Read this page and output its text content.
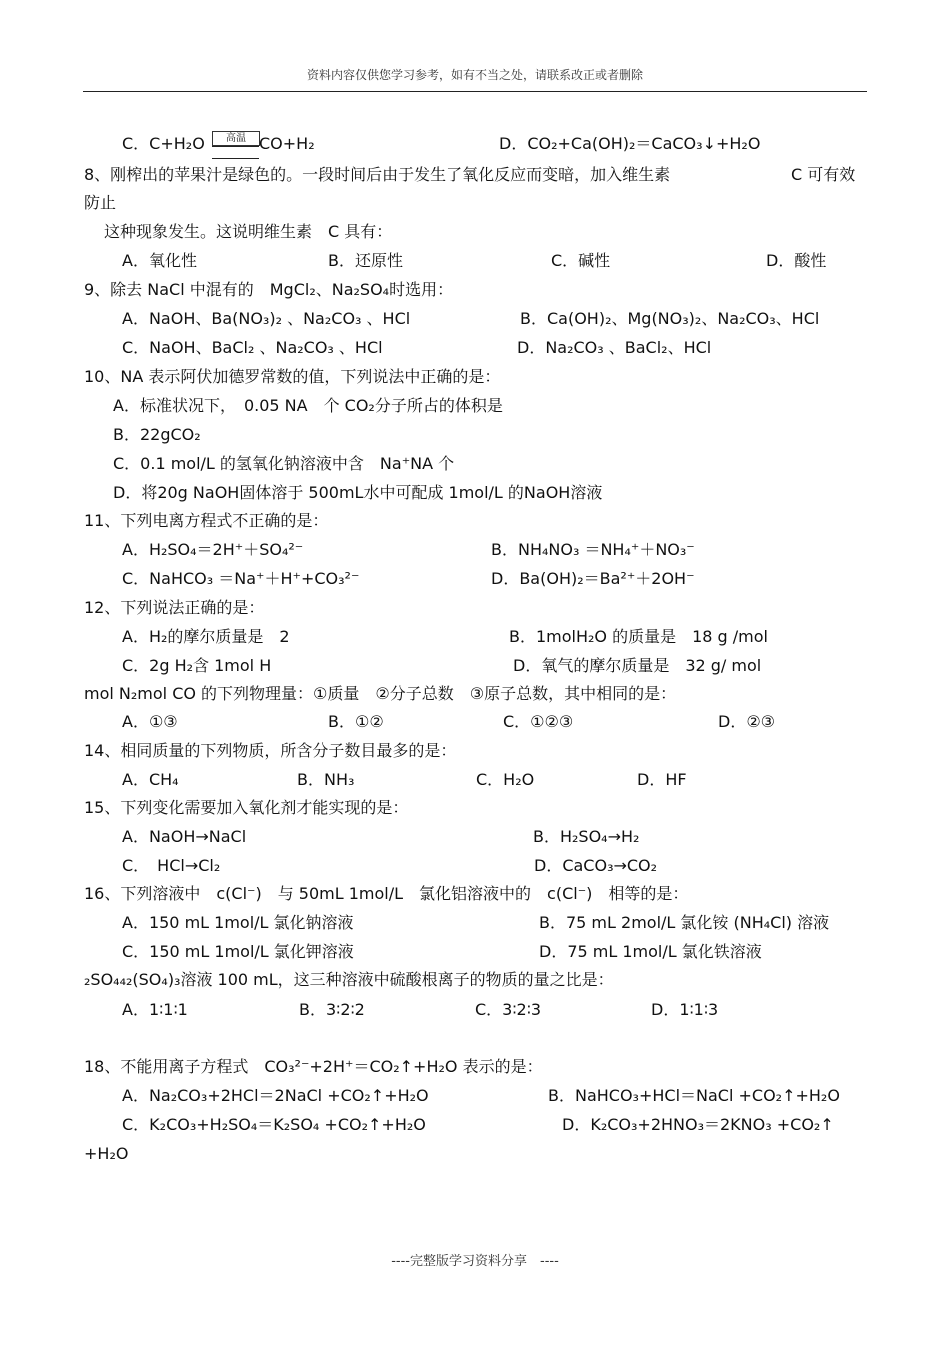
资料内容仅供您学习参考，如有不当之处，请联系改正或者删除
高温
C．C+H₂O	CO+H₂	D．CO₂+Ca(OH)₂＝CaCO₃↓+H₂O
8、刚榨出的苹果汁是绿色的。一段时间后由于发生了氧化反应而变暗，加入维生素	C 可有效
防止
这种现象发生。这说明维生素　C 具有：
A．氧化性	B．还原性	C．碱性	D．酸性
9、除去 NaCl 中混有的　MgCl₂、Na₂SO₄时选用：
A．NaOH、Ba(NO₃)₂ 、Na₂CO₃ 、HCl	B．Ca(OH)₂、Mg(NO₃)₂、Na₂CO₃、HCl
C．NaOH、BaCl₂ 、Na₂CO₃ 、HCl	D．Na₂CO₃ 、BaCl₂、HCl
10、NA 表示阿伏加德罗常数的值，下列说法中正确的是：
A．标准状况下，　0.05 NA　个 CO₂分子所占的体积是
B．22gCO₂
C．0.1 mol/L 的氢氧化钠溶液中含　Na⁺NA 个
D．将20g NaOH固体溶于 500mL水中可配成 1mol/L 的NaOH溶液
11、下列电离方程式不正确的是：
A．H₂SO₄＝2H⁺＋SO₄²⁻	B．NH₄NO₃ ＝NH₄⁺＋NO₃⁻
C．NaHCO₃ ＝Na⁺＋H⁺+CO₃²⁻	D．Ba(OH)₂＝Ba²⁺＋2OH⁻
12、下列说法正确的是：
A．H₂的摩尔质量是　2	B．1molH₂O 的质量是　18 g /mol
C．2g H₂含 1mol H	D．氧气的摩尔质量是　32 g/ mol
mol N₂mol CO 的下列物理量：①质量　②分子总数　③原子总数，其中相同的是：
A．①③	B．①②	C．①②③	D．②③
14、相同质量的下列物质，所含分子数目最多的是：
A．CH₄	B．NH₃	C．H₂O	D．HF
15、下列变化需要加入氧化剂才能实现的是：
A．NaOH→NaCl	B．H₂SO₄→H₂
C．　HCl→Cl₂	D．CaCO₃→CO₂
16、下列溶液中　c(Cl⁻)　与 50mL 1mol/L　氯化铝溶液中的　c(Cl⁻)　相等的是：
A．150 mL 1mol/L 氯化钠溶液	B．75 mL 2mol/L 氯化铵 (NH₄Cl) 溶液
C．150 mL 1mol/L 氯化钾溶液	D．75 mL 1mol/L 氯化铁溶液
₂SO₄₄₂(SO₄)₃溶液 100 mL，这三种溶液中硫酸根离子的物质的量之比是：
A．1∶1∶1	B．3∶2∶2	C．3∶2∶3	D．1∶1∶3
18、不能用离子方程式　CO₃²⁻+2H⁺＝CO₂↑+H₂O 表示的是：
A．Na₂CO₃+2HCl＝2NaCl +CO₂↑+H₂O	B．NaHCO₃+HCl＝NaCl +CO₂↑+H₂O
C．K₂CO₃+H₂SO₄＝K₂SO₄ +CO₂↑+H₂O	D．K₂CO₃+2HNO₃＝2KNO₃ +CO₂↑
+H₂O
----完整版学习资料分享　----
